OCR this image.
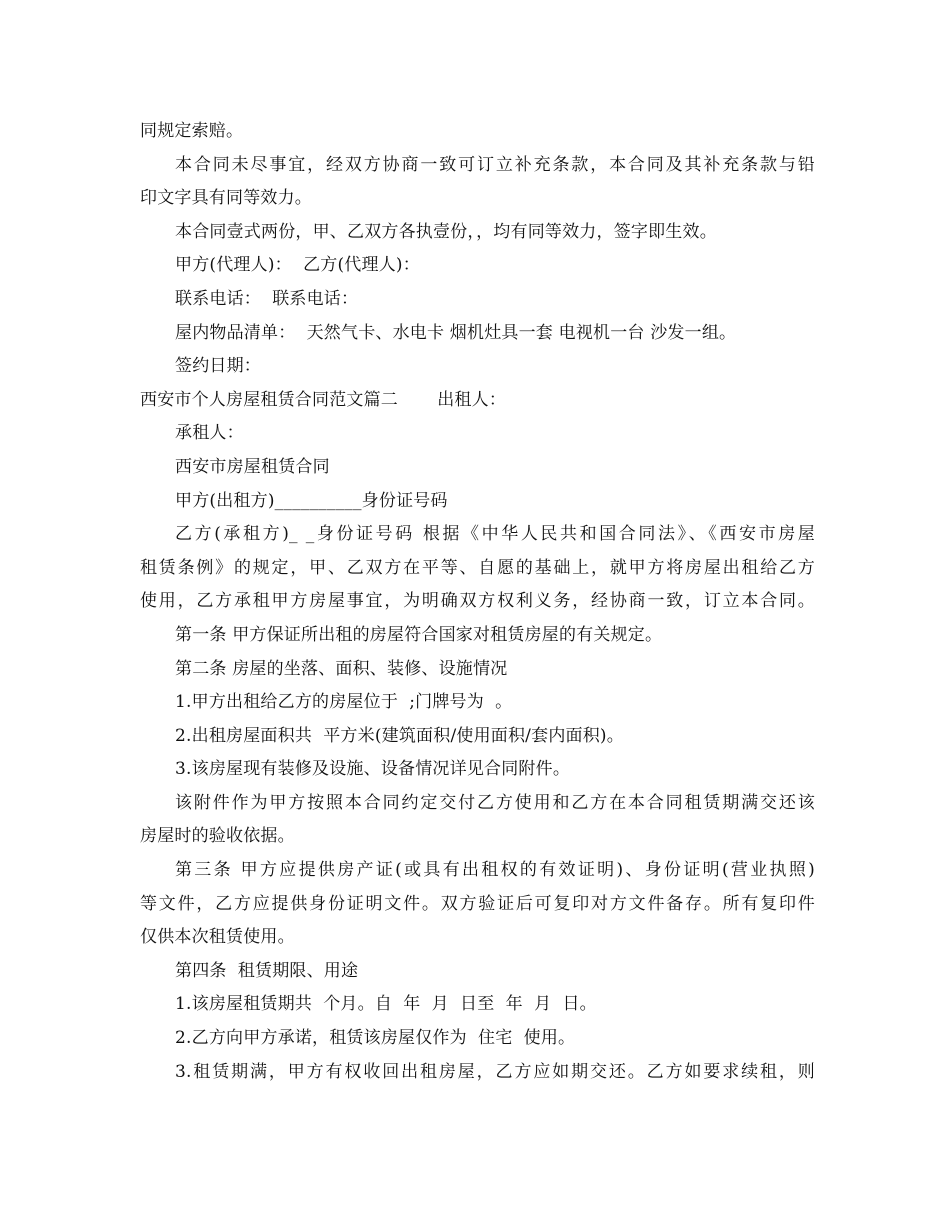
同规定索赔。
本合同未尽事宜，经双方协商一致可订立补充条款，本合同及其补充条款与铅
印文字具有同等效力。
本合同壹式两份，甲、乙双方各执壹份，，均有同等效力，签字即生效。
甲方(代理人)：  乙方(代理人)：
联系电话：  联系电话：
屋内物品清单：  天然气卡、水电卡 烟机灶具一套 电视机一台 沙发一组。
签约日期：
西安市个人房屋租赁合同范文篇二       出租人：
承租人：
西安市房屋租赁合同
甲方(出租方)__________身份证号码
乙方(承租方)_ _身份证号码 根据《中华人民共和国合同法》、《西安市房屋
租赁条例》的规定，甲、乙双方在平等、自愿的基础上，就甲方将房屋出租给乙方
使用，乙方承租甲方房屋事宜，为明确双方权利义务，经协商一致，订立本合同。
第一条 甲方保证所出租的房屋符合国家对租赁房屋的有关规定。
第二条 房屋的坐落、面积、装修、设施情况
1.甲方出租给乙方的房屋位于  ;门牌号为  。
2.出租房屋面积共  平方米(建筑面积/使用面积/套内面积)。
3.该房屋现有装修及设施、设备情况详见合同附件。
该附件作为甲方按照本合同约定交付乙方使用和乙方在本合同租赁期满交还该
房屋时的验收依据。
第三条 甲方应提供房产证(或具有出租权的有效证明)、身份证明(营业执照)
等文件，乙方应提供身份证明文件。双方验证后可复印对方文件备存。所有复印件
仅供本次租赁使用。
第四条  租赁期限、用途
1.该房屋租赁期共  个月。自  年  月  日至  年  月  日。
2.乙方向甲方承诺，租赁该房屋仅作为  住宅  使用。
3.租赁期满，甲方有权收回出租房屋，乙方应如期交还。乙方如要求续租，则
